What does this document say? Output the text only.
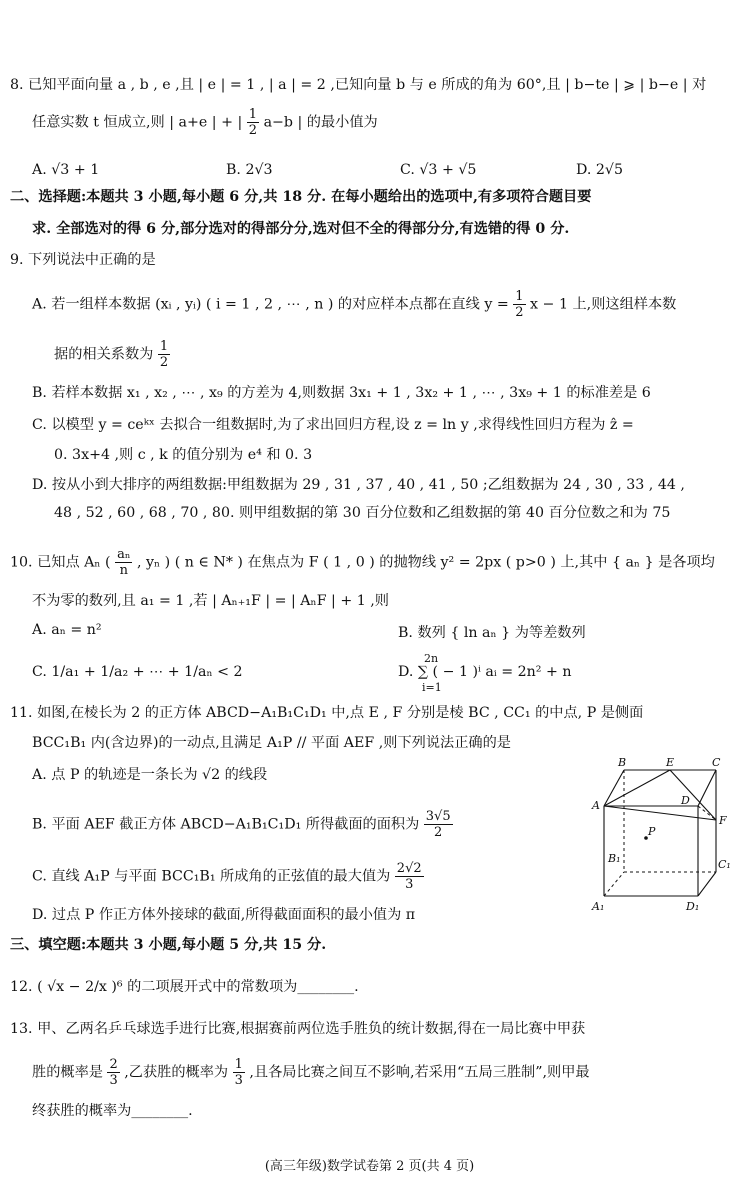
8. 已知平面向量 a , b , e ,且 | e | = 1 , | a | = 2 ,已知向量 b 与 e 所成的角为 60°,且 | b−te | ⩾ | b−e | 对
任意实数 t 恒成立,则 | a+e | + | $\frac{1}{2} a-b$ | 的最小值为
A. √3 + 1	B. 2√3	C. √3 + √5	D. 2√5
二、选择题:本题共 3 小题,每小题 6 分,共 18 分. 在每小题给出的选项中,有多项符合题目要
求. 全部选对的得 6 分,部分选对的得部分分,选对但不全的得部分分,有选错的得 0 分.
9. 下列说法中正确的是
A. 若一组样本数据 (xᵢ , yᵢ) ( i = 1 , 2 , ⋯ , n ) 的对应样本点都在直线 $y = \frac{1}{2}$ x − 1 上,则这组样本数
据的相关系数为 $\frac{1}{2}$
B. 若样本数据 x₁ , x₂ , ⋯ , x₉ 的方差为 4,则数据 3x₁ + 1 , 3x₂ + 1 , ⋯ , 3x₉ + 1 的标准差是 6
C. 以模型 y = ceᵏˣ 去拟合一组数据时,为了求出回归方程,设 z = ln y ,求得线性回归方程为 ẑ =
0. 3x+4 ,则 c , k 的值分别为 e⁴ 和 0. 3
D. 按从小到大排序的两组数据:甲组数据为 29 , 31 , 37 , 40 , 41 , 50 ;乙组数据为 24 , 30 , 33 , 44 ,
48 , 52 , 60 , 68 , 70 , 80. 则甲组数据的第 30 百分位数和乙组数据的第 40 百分位数之和为 75
10. 已知点 Aₙ ( $\frac{\text{aₙ}}{n}$ , yₙ ) ( n ∈ N* ) 在焦点为 F ( 1 , 0 ) 的抛物线 y² = 2px ( p>0 ) 上,其中 { aₙ } 是各项均
不为零的数列,且 a₁ = 1 ,若 | Aₙ₊₁F | = | AₙF | + 1 ,则
A. aₙ = n²	B. 数列 { ln aₙ } 为等差数列
C. 1/a₁ + 1/a₂ + ⋯ + 1/aₙ < 2	D. ∑ ( − 1 )ⁱ aᵢ = 2n² + n
2n
i=1
11. 如图,在棱长为 2 的正方体 ABCD−A₁B₁C₁D₁ 中,点 E , F 分别是棱 BC , CC₁ 的中点, P 是侧面
BCC₁B₁ 内(含边界)的一动点,且满足 A₁P // 平面 AEF ,则下列说法正确的是
A. 点 P 的轨迹是一条长为 √2 的线段
B. 平面 AEF 截正方体 ABCD−A₁B₁C₁D₁ 所得截面的面积为 $\frac{3√5}{2}$
C. 直线 A₁P 与平面 BCC₁B₁ 所成角的正弦值的最大值为 $\frac{2√2}{3}$
D. 过点 P 作正方体外接球的截面,所得截面面积的最小值为 π
B	E	C
A	D
F
P
B₁	C₁
A₁	D₁
三、填空题:本题共 3 小题,每小题 5 分,共 15 分.
12. ( √x − 2/x )⁶ 的二项展开式中的常数项为________.
13. 甲、乙两名乒乓球选手进行比赛,根据赛前两位选手胜负的统计数据,得在一局比赛中甲获
胜的概率是 $\frac{2}{3}$ ,乙获胜的概率为 $\frac{1}{3}$ ,且各局比赛之间互不影响,若采用“五局三胜制”,则甲最
终获胜的概率为________.
(高三年级)数学试卷第 2 页(共 4 页)
